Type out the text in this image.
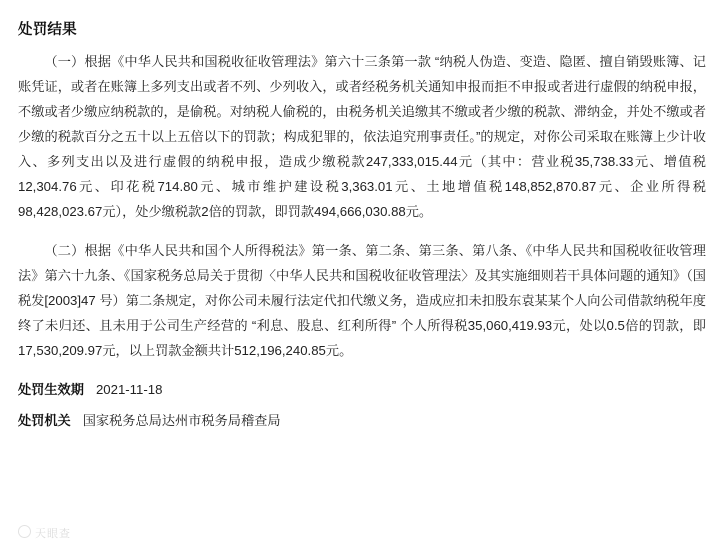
处罚结果

（一）根据《中华人民共和国税收征收管理法》第六十三条第一款 “纳税人伪造、变造、隐匿、擅自销毁账簿、记账凭证，或者在账簿上多列支出或者不列、少列收入，或者经税务机关通知申报而拒不申报或者进行虚假的纳税申报，不缴或者少缴应纳税款的，是偷税。对纳税人偷税的，由税务机关追缴其不缴或者少缴的税款、滞纳金，并处不缴或者少缴的税款百分之五十以上五倍以下的罚款；构成犯罪的，依法追究刑事责任。”的规定，对你公司采取在账簿上少计收入、多列支出以及进行虚假的纳税申报，造成少缴税款247,333,015.44元（其中：营业税35,738.33元、增值税12,304.76元、印花税714.80元、城市维护建设税3,363.01元、土地增值税148,852,870.87元、企业所得税98,428,023.67元），处少缴税款2倍的罚款，即罚款494,666,030.88元。

（二）根据《中华人民共和国个人所得税法》第一条、第二条、第三条、第八条、《中华人民共和国税收征收管理法》第六十九条、《国家税务总局关于贯彻〈中华人民共和国税收征收管理法〉及其实施细则若干具体问题的通知》（国税发[2003]47 号）第二条规定，对你公司未履行法定代扣代缴义务，造成应扣未扣股东袁某某个人向公司借款纳税年度终了未归还、且未用于公司生产经营的 “利息、股息、红利所得” 个人所得税35,060,419.93元，处以0.5倍的罚款，即17,530,209.97元，以上罚款金额共计512,196,240.85元。

处罚生效期 2021-11-18
处罚机关 国家税务总局达州市税务局稽查局
天眼查
